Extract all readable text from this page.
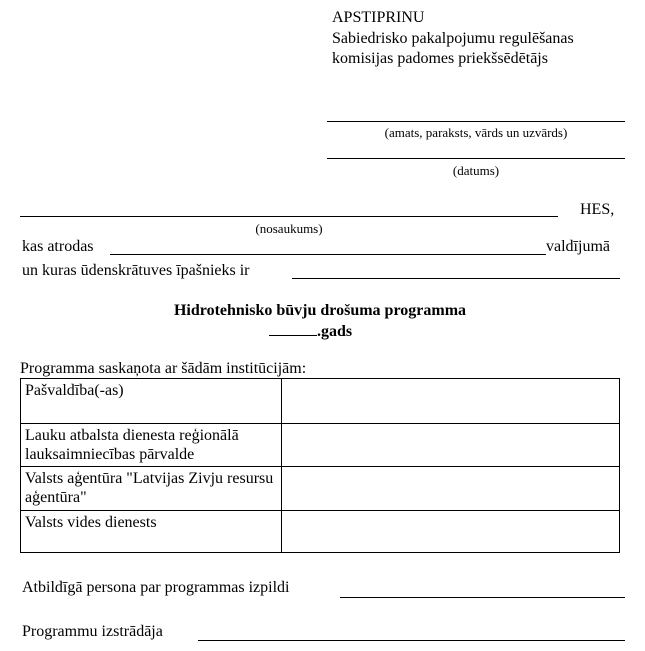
APSTIPRINU
Sabiedrisko pakalpojumu regulēšanas
komisijas padomes priekšsēdētājs
(amats, paraksts, vārds un uzvārds)
(datums)
HES,
(nosaukums)
kas atrodas	valdījumā
un kuras ūdenskrātuves īpašnieks ir
Hidrotehnisko būvju drošuma programma
.gads
Programma saskaņota ar šādām institūcijām:
Pašvaldība(-as)	
Lauku atbalsta dienesta reģionālā lauksaimniecības pārvalde	
Valsts aģentūra "Latvijas Zivju resursu aģentūra"	
Valsts vides dienests	
Atbildīgā persona par programmas izpildi
Programmu izstrādāja
